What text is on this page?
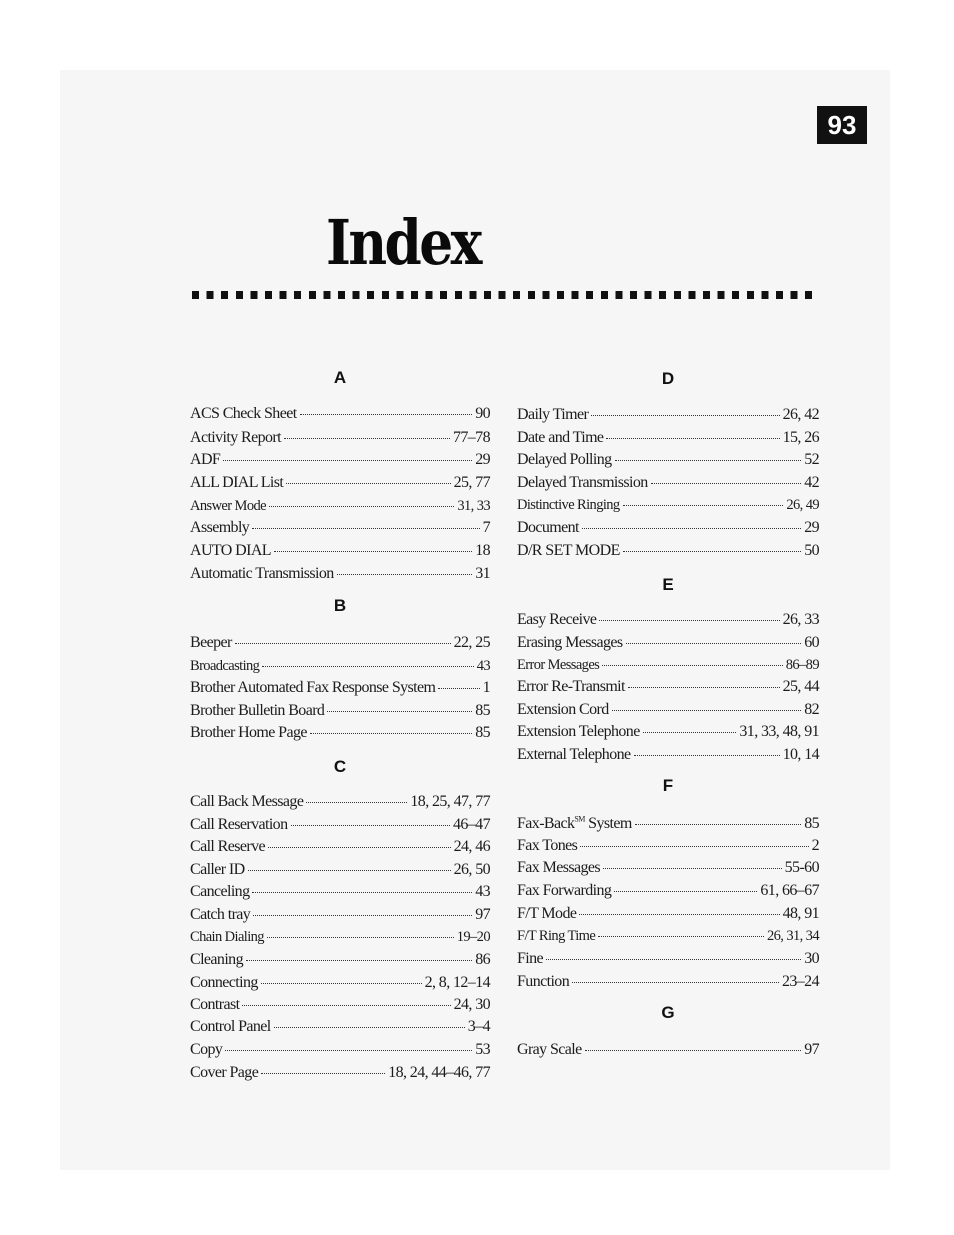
93
Index
A
ACS Check Sheet	90
Activity Report	77–78
ADF	29
ALL DIAL List	25, 77
Answer Mode	31, 33
Assembly	7
AUTO DIAL	18
Automatic Transmission	31
B
Beeper	22, 25
Broadcasting	43
Brother Automated Fax Response System	1
Brother Bulletin Board	85
Brother Home Page	85
C
Call Back Message	18, 25, 47, 77
Call Reservation	46–47
Call Reserve	24, 46
Caller ID	26, 50
Canceling	43
Catch tray	97
Chain Dialing	19–20
Cleaning	86
Connecting	2, 8, 12–14
Contrast	24, 30
Control Panel	3–4
Copy	53
Cover Page	18, 24, 44–46, 77
D
Daily Timer	26, 42
Date and Time	15, 26
Delayed Polling	52
Delayed Transmission	42
Distinctive Ringing	26, 49
Document	29
D/R SET MODE	50
E
Easy Receive	26, 33
Erasing Messages	60
Error Messages	86–89
Error Re-Transmit	25, 44
Extension Cord	82
Extension Telephone	31, 33, 48, 91
External Telephone	10, 14
F
Fax-Back℠ System	85
Fax Tones	2
Fax Messages	55-60
Fax Forwarding	61, 66–67
F/T Mode	48, 91
F/T Ring Time	26, 31, 34
Fine	30
Function	23–24
G
Gray Scale	97
